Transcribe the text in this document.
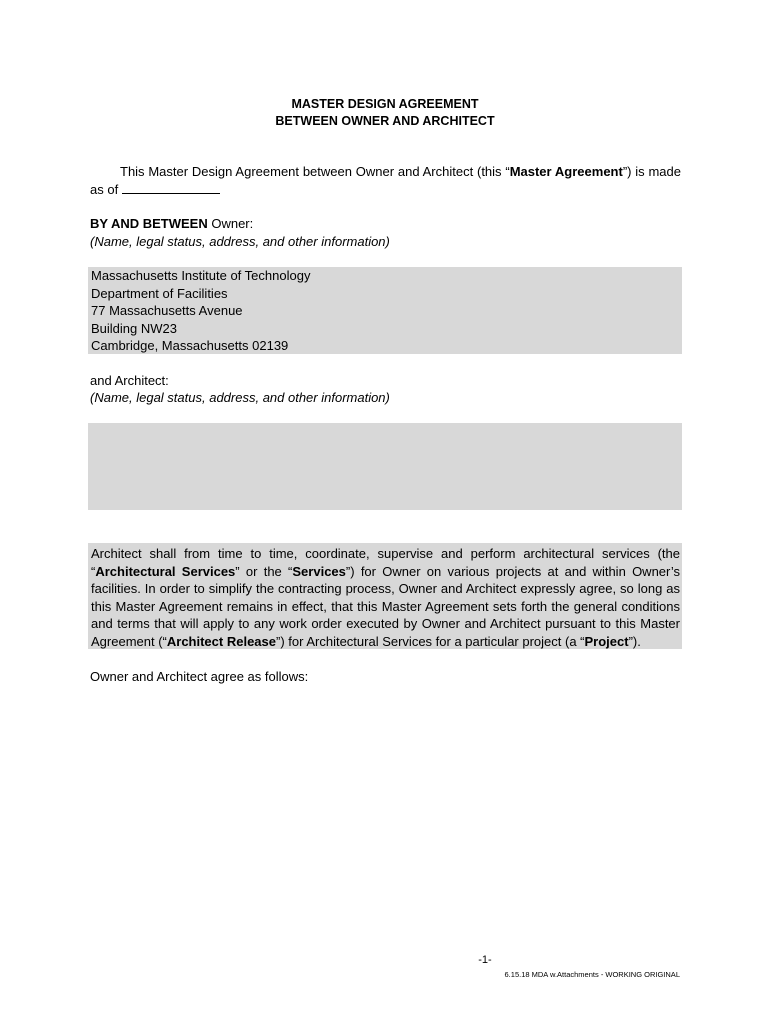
MASTER DESIGN AGREEMENT
BETWEEN OWNER AND ARCHITECT
This Master Design Agreement between Owner and Architect (this “Master Agreement”) is made as of
BY AND BETWEEN Owner:
(Name, legal status, address, and other information)
Massachusetts Institute of Technology
Department of Facilities
77 Massachusetts Avenue
Building NW23
Cambridge, Massachusetts 02139
and Architect:
(Name, legal status, address, and other information)
Architect shall from time to time, coordinate, supervise and perform architectural services (the “Architectural Services” or the “Services”) for Owner on various projects at and within Owner’s facilities. In order to simplify the contracting process, Owner and Architect expressly agree, so long as this Master Agreement remains in effect, that this Master Agreement sets forth the general conditions and terms that will apply to any work order executed by Owner and Architect pursuant to this Master Agreement (“Architect Release”) for Architectural Services for a particular project (a “Project”).
Owner and Architect agree as follows:
-1-
6.15.18 MDA w.Attachments - WORKING ORIGINAL
